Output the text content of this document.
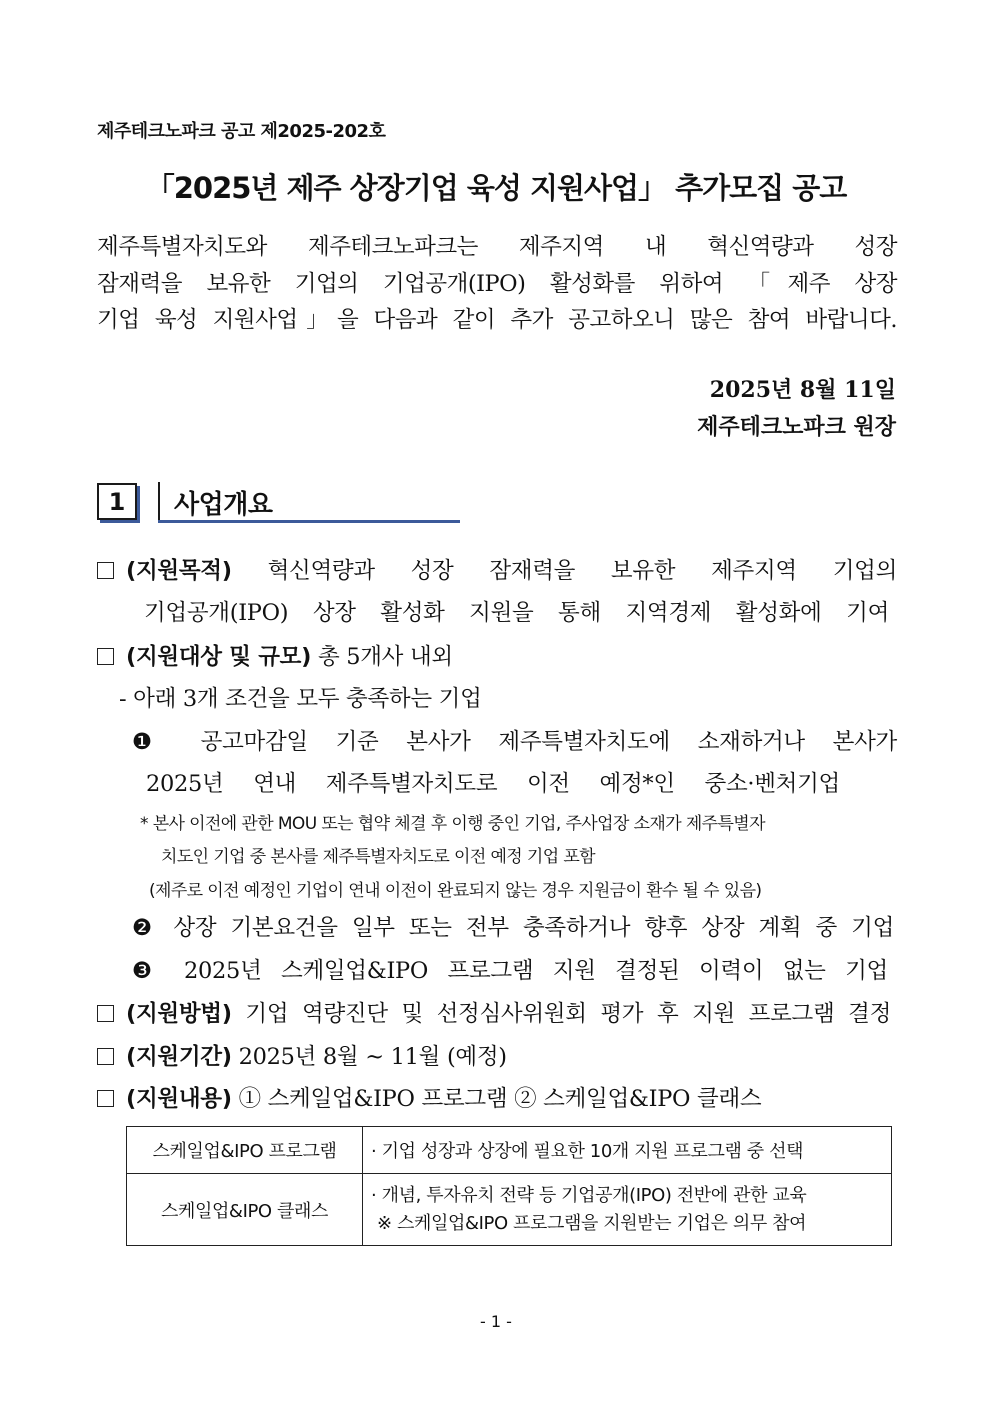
제주테크노파크 공고 제2025-202호
「2025년 제주 상장기업 육성 지원사업」 추가모집 공고
제주특별자치도와 제주테크노파크는 제주지역 내 혁신역량과 성장
잠재력을 보유한 기업의 기업공개(IPO) 활성화를 위하여 「제주 상장
기업 육성 지원사업」을 다음과 같이 추가 공고하오니 많은 참여 바랍니다.
2025년 8월 11일
제주테크노파크 원장
1 사업개요
(지원목적) 혁신역량과 성장 잠재력을 보유한 제주지역 기업의
기업공개(IPO) 상장 활성화 지원을 통해 지역경제 활성화에 기여
(지원대상 및 규모) 총 5개사 내외
- 아래 3개 조건을 모두 충족하는 기업
❶ 공고마감일 기준 본사가 제주특별자치도에 소재하거나 본사가
2025년 연내 제주특별자치도로 이전 예정*인 중소·벤처기업
* 본사 이전에 관한 MOU 또는 협약 체결 후 이행 중인 기업, 주사업장 소재가 제주특별자
치도인 기업 중 본사를 제주특별자치도로 이전 예정 기업 포함
(제주로 이전 예정인 기업이 연내 이전이 완료되지 않는 경우 지원금이 환수 될 수 있음)
❷ 상장 기본요건을 일부 또는 전부 충족하거나 향후 상장 계획 중 기업
❸ 2025년 스케일업&IPO 프로그램 지원 결정된 이력이 없는 기업
(지원방법) 기업 역량진단 및 선정심사위원회 평가 후 지원 프로그램 결정
(지원기간) 2025년 8월 ~ 11월 (예정)
(지원내용) ① 스케일업&IPO 프로그램 ② 스케일업&IPO 클래스
스케일업&IPO 프로그램	· 기업 성장과 상장에 필요한 10개 지원 프로그램 중 선택
스케일업&IPO 클래스	· 개념, 투자유치 전략 등 기업공개(IPO) 전반에 관한 교육
※ 스케일업&IPO 프로그램을 지원받는 기업은 의무 참여
- 1 -
